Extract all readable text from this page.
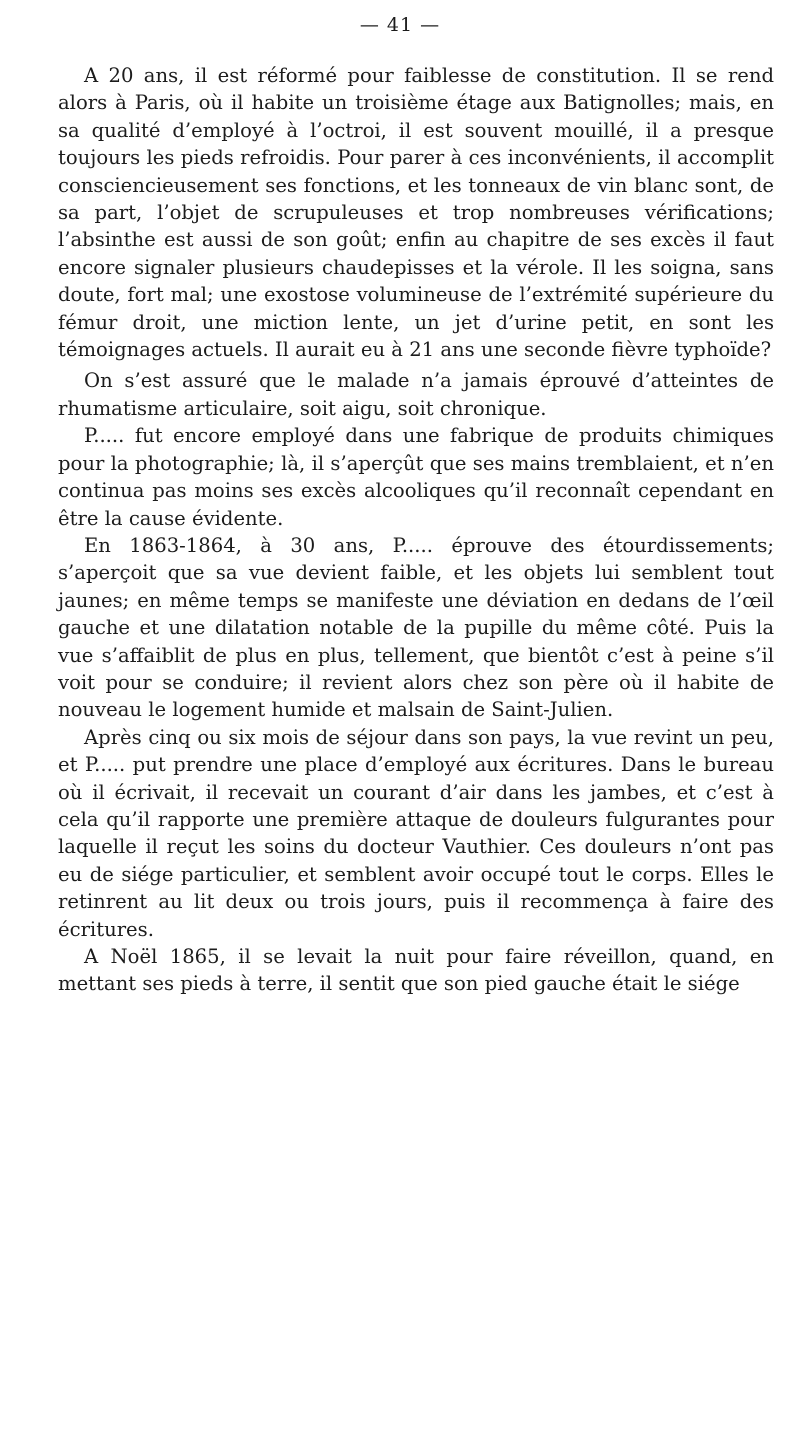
— 41 —

A 20 ans, il est réformé pour faiblesse de constitution. Il se rend alors à Paris, où il habite un troisième étage aux Batignolles; mais, en sa qualité d’employé à l’octroi, il est souvent mouillé, il a presque toujours les pieds refroidis. Pour parer à ces inconvénients, il accomplit consciencieusement ses fonctions, et les tonneaux de vin blanc sont, de sa part, l’objet de scrupuleuses et trop nombreuses vérifications; l’absinthe est aussi de son goût; enfin au chapitre de ses excès il faut encore signaler plusieurs chaudepisses et la vérole. Il les soigna, sans doute, fort mal; une exostose volumineuse de l’extrémité supérieure du fémur droit, une miction lente, un jet d’urine petit, en sont les témoignages actuels. Il aurait eu à 21 ans une seconde fièvre typhoïde?

On s’est assuré que le malade n’a jamais éprouvé d’atteintes de rhumatisme articulaire, soit aigu, soit chronique.

P..... fut encore employé dans une fabrique de produits chimiques pour la photographie; là, il s’aperçût que ses mains tremblaient, et n’en continua pas moins ses excès alcooliques qu’il reconnaît cependant en être la cause évidente.

En 1863-1864, à 30 ans, P..... éprouve des étourdissements; s’aperçoit que sa vue devient faible, et les objets lui semblent tout jaunes; en même temps se manifeste une déviation en dedans de l’œil gauche et une dilatation notable de la pupille du même côté. Puis la vue s’affaiblit de plus en plus, tellement, que bientôt c’est à peine s’il voit pour se conduire; il revient alors chez son père où il habite de nouveau le logement humide et malsain de Saint-Julien.

Après cinq ou six mois de séjour dans son pays, la vue revint un peu, et P..... put prendre une place d’employé aux écritures. Dans le bureau où il écrivait, il recevait un courant d’air dans les jambes, et c’est à cela qu’il rapporte une première attaque de douleurs fulgurantes pour laquelle il reçut les soins du docteur Vauthier. Ces douleurs n’ont pas eu de siége particulier, et semblent avoir occupé tout le corps. Elles le retinrent au lit deux ou trois jours, puis il recommença à faire des écritures.

A Noël 1865, il se levait la nuit pour faire réveillon, quand, en mettant ses pieds à terre, il sentit que son pied gauche était le siége
